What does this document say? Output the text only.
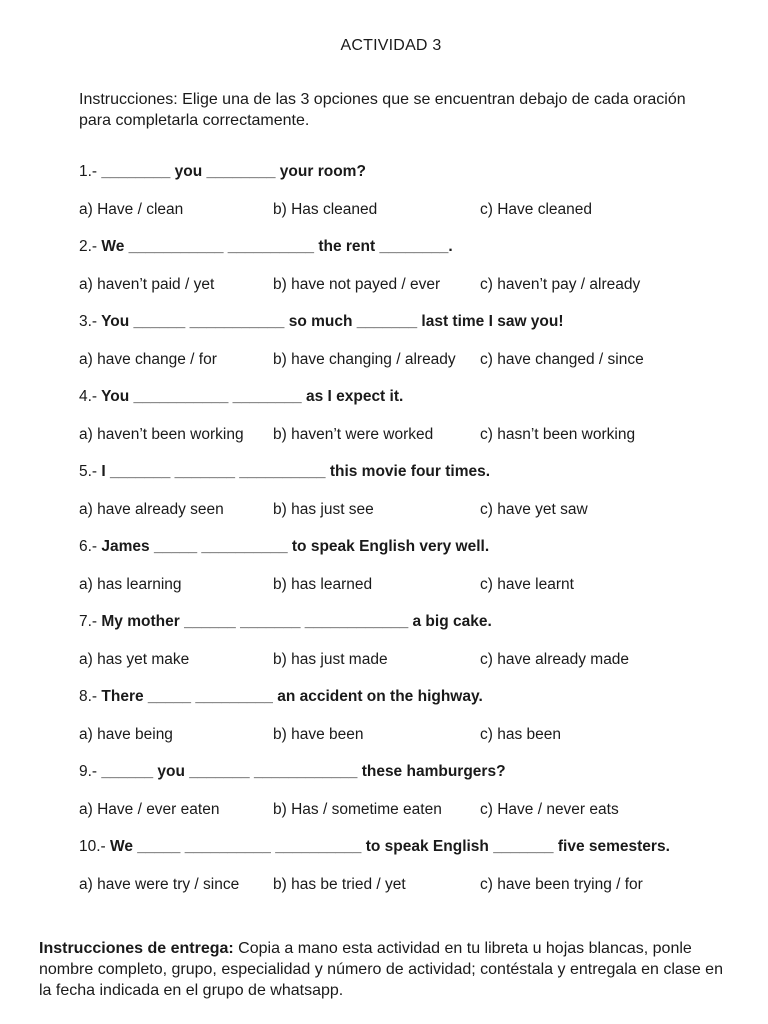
ACTIVIDAD 3
Instrucciones: Elige una de las 3 opciones que se encuentran debajo de cada oración para completarla correctamente.
1.- ________ you ________ your room?
a) Have / clean	b) Has cleaned	c) Have cleaned
2.- We ___________ __________ the rent ________.
a) haven’t paid / yet	b) have not payed / ever	c) haven’t pay / already
3.- You ______ ___________ so much _______ last time I saw you!
a) have change / for	b) have changing / already c) have changed / since
4.- You ___________ ________ as I expect it.
a) haven’t been working b) haven’t were worked	c) hasn’t been working
5.- I _______ _______ __________ this movie four times.
a) have already seen	b) has just see	c) have yet saw
6.- James _____ __________ to speak English very well.
a) has learning	b) has learned	c) have learnt
7.- My mother ______ _______ ____________ a big cake.
a) has yet make	b) has just made	c) have already made
8.- There _____ _________ an accident on the highway.
a) have being	b) have been	c) has been
9.- ______ you _______ ____________ these hamburgers?
a) Have / ever eaten	b) Has / sometime eaten c) Have / never eats
10.- We _____ __________ __________ to speak English _______ five semesters.
a) have were try / since b) has be tried / yet	c) have been trying / for
Instrucciones de entrega: Copia a mano esta actividad en tu libreta u hojas blancas, ponle nombre completo, grupo, especialidad y número de actividad; contéstala y entregala en clase en la fecha indicada en el grupo de whatsapp.
